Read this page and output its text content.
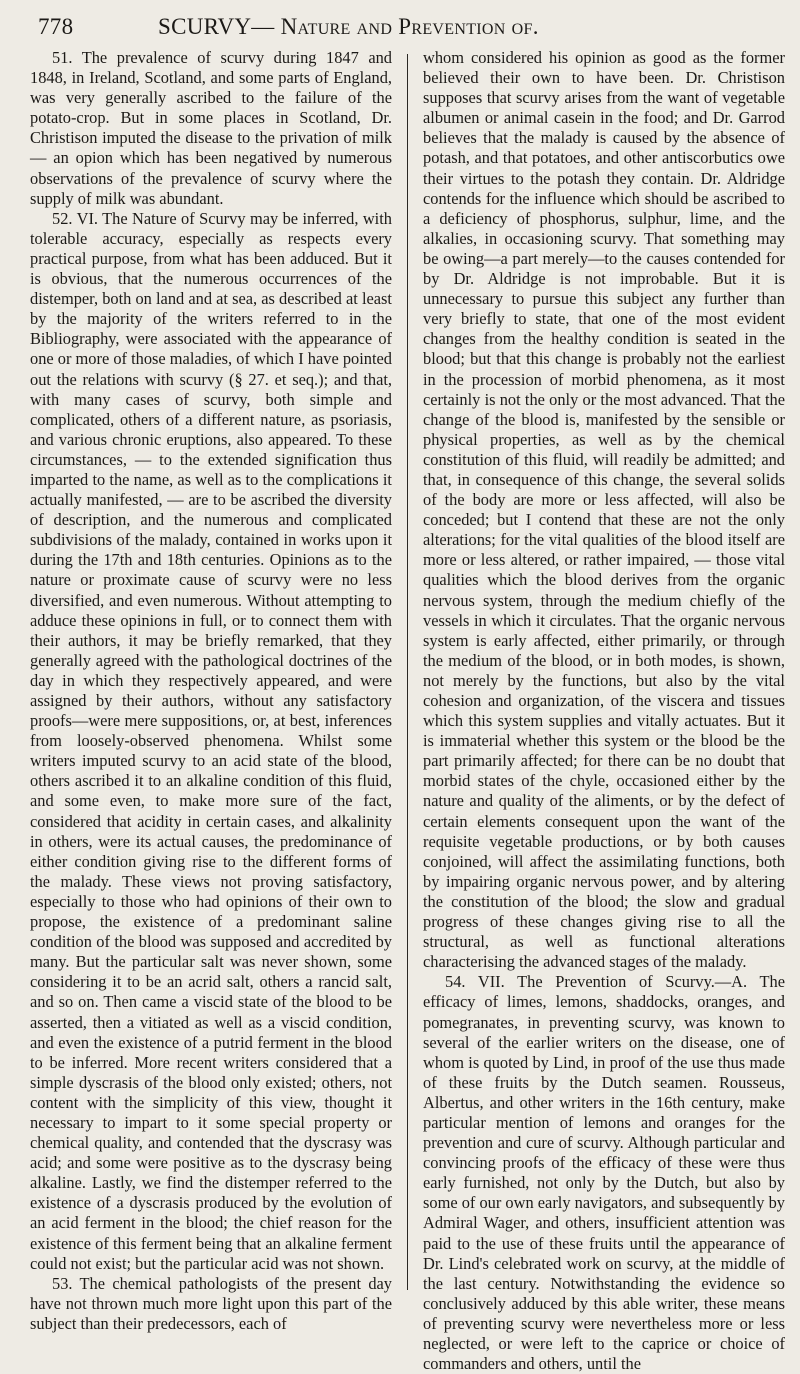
778	SCURVY— Nature and Prevention of.

51. The prevalence of scurvy during 1847 and 1848, in Ireland, Scotland, and some parts of England, was very generally ascribed to the failure of the potato-crop. But in some places in Scotland, Dr. Christison imputed the disease to the privation of milk — an opion which has been negatived by numerous observations of the prevalence of scurvy where the supply of milk was abundant.

52. VI. The Nature of Scurvy may be inferred, with tolerable accuracy, especially as respects every practical purpose, from what has been adduced. But it is obvious, that the numerous occurrences of the distemper, both on land and at sea, as described at least by the majority of the writers referred to in the Bibliography, were associated with the appearance of one or more of those maladies, of which I have pointed out the relations with scurvy (§ 27. et seq.); and that, with many cases of scurvy, both simple and complicated, others of a different nature, as psoriasis, and various chronic eruptions, also appeared. To these circumstances, — to the extended signification thus imparted to the name, as well as to the complications it actually manifested, — are to be ascribed the diversity of description, and the numerous and complicated subdivisions of the malady, contained in works upon it during the 17th and 18th centuries. Opinions as to the nature or proximate cause of scurvy were no less diversified, and even numerous. Without attempting to adduce these opinions in full, or to connect them with their authors, it may be briefly remarked, that they generally agreed with the pathological doctrines of the day in which they respectively appeared, and were assigned by their authors, without any satisfactory proofs—were mere suppositions, or, at best, inferences from loosely-observed phenomena. Whilst some writers imputed scurvy to an acid state of the blood, others ascribed it to an alkaline condition of this fluid, and some even, to make more sure of the fact, considered that acidity in certain cases, and alkalinity in others, were its actual causes, the predominance of either condition giving rise to the different forms of the malady. These views not proving satisfactory, especially to those who had opinions of their own to propose, the existence of a predominant saline condition of the blood was supposed and accredited by many. But the particular salt was never shown, some considering it to be an acrid salt, others a rancid salt, and so on. Then came a viscid state of the blood to be asserted, then a vitiated as well as a viscid condition, and even the existence of a putrid ferment in the blood to be inferred. More recent writers considered that a simple dyscrasis of the blood only existed; others, not content with the simplicity of this view, thought it necessary to impart to it some special property or chemical quality, and contended that the dyscrasy was acid; and some were positive as to the dyscrasy being alkaline. Lastly, we find the distemper referred to the existence of a dyscrasis produced by the evolution of an acid ferment in the blood; the chief reason for the existence of this ferment being that an alkaline ferment could not exist; but the particular acid was not shown.

53. The chemical pathologists of the present day have not thrown much more light upon this part of the subject than their predecessors, each of

whom considered his opinion as good as the former believed their own to have been. Dr. Christison supposes that scurvy arises from the want of vegetable albumen or animal casein in the food; and Dr. Garrod believes that the malady is caused by the absence of potash, and that potatoes, and other antiscorbutics owe their virtues to the potash they contain. Dr. Aldridge contends for the influence which should be ascribed to a deficiency of phosphorus, sulphur, lime, and the alkalies, in occasioning scurvy. That something may be owing—a part merely—to the causes contended for by Dr. Aldridge is not improbable. But it is unnecessary to pursue this subject any further than very briefly to state, that one of the most evident changes from the healthy condition is seated in the blood; but that this change is probably not the earliest in the procession of morbid phenomena, as it most certainly is not the only or the most advanced. That the change of the blood is, manifested by the sensible or physical properties, as well as by the chemical constitution of this fluid, will readily be admitted; and that, in consequence of this change, the several solids of the body are more or less affected, will also be conceded; but I contend that these are not the only alterations; for the vital qualities of the blood itself are more or less altered, or rather impaired, — those vital qualities which the blood derives from the organic nervous system, through the medium chiefly of the vessels in which it circulates. That the organic nervous system is early affected, either primarily, or through the medium of the blood, or in both modes, is shown, not merely by the functions, but also by the vital cohesion and organization, of the viscera and tissues which this system supplies and vitally actuates. But it is immaterial whether this system or the blood be the part primarily affected; for there can be no doubt that morbid states of the chyle, occasioned either by the nature and quality of the aliments, or by the defect of certain elements consequent upon the want of the requisite vegetable productions, or by both causes conjoined, will affect the assimilating functions, both by impairing organic nervous power, and by altering the constitution of the blood; the slow and gradual progress of these changes giving rise to all the structural, as well as functional alterations characterising the advanced stages of the malady.

54. VII. The Prevention of Scurvy.—A. The efficacy of limes, lemons, shaddocks, oranges, and pomegranates, in preventing scurvy, was known to several of the earlier writers on the disease, one of whom is quoted by Lind, in proof of the use thus made of these fruits by the Dutch seamen. Rousseus, Albertus, and other writers in the 16th century, make particular mention of lemons and oranges for the prevention and cure of scurvy. Although particular and convincing proofs of the efficacy of these were thus early furnished, not only by the Dutch, but also by some of our own early navigators, and subsequently by Admiral Wager, and others, insufficient attention was paid to the use of these fruits until the appearance of Dr. Lind's celebrated work on scurvy, at the middle of the last century. Notwithstanding the evidence so conclusively adduced by this able writer, these means of preventing scurvy were nevertheless more or less neglected, or were left to the caprice or choice of commanders and others, until the
